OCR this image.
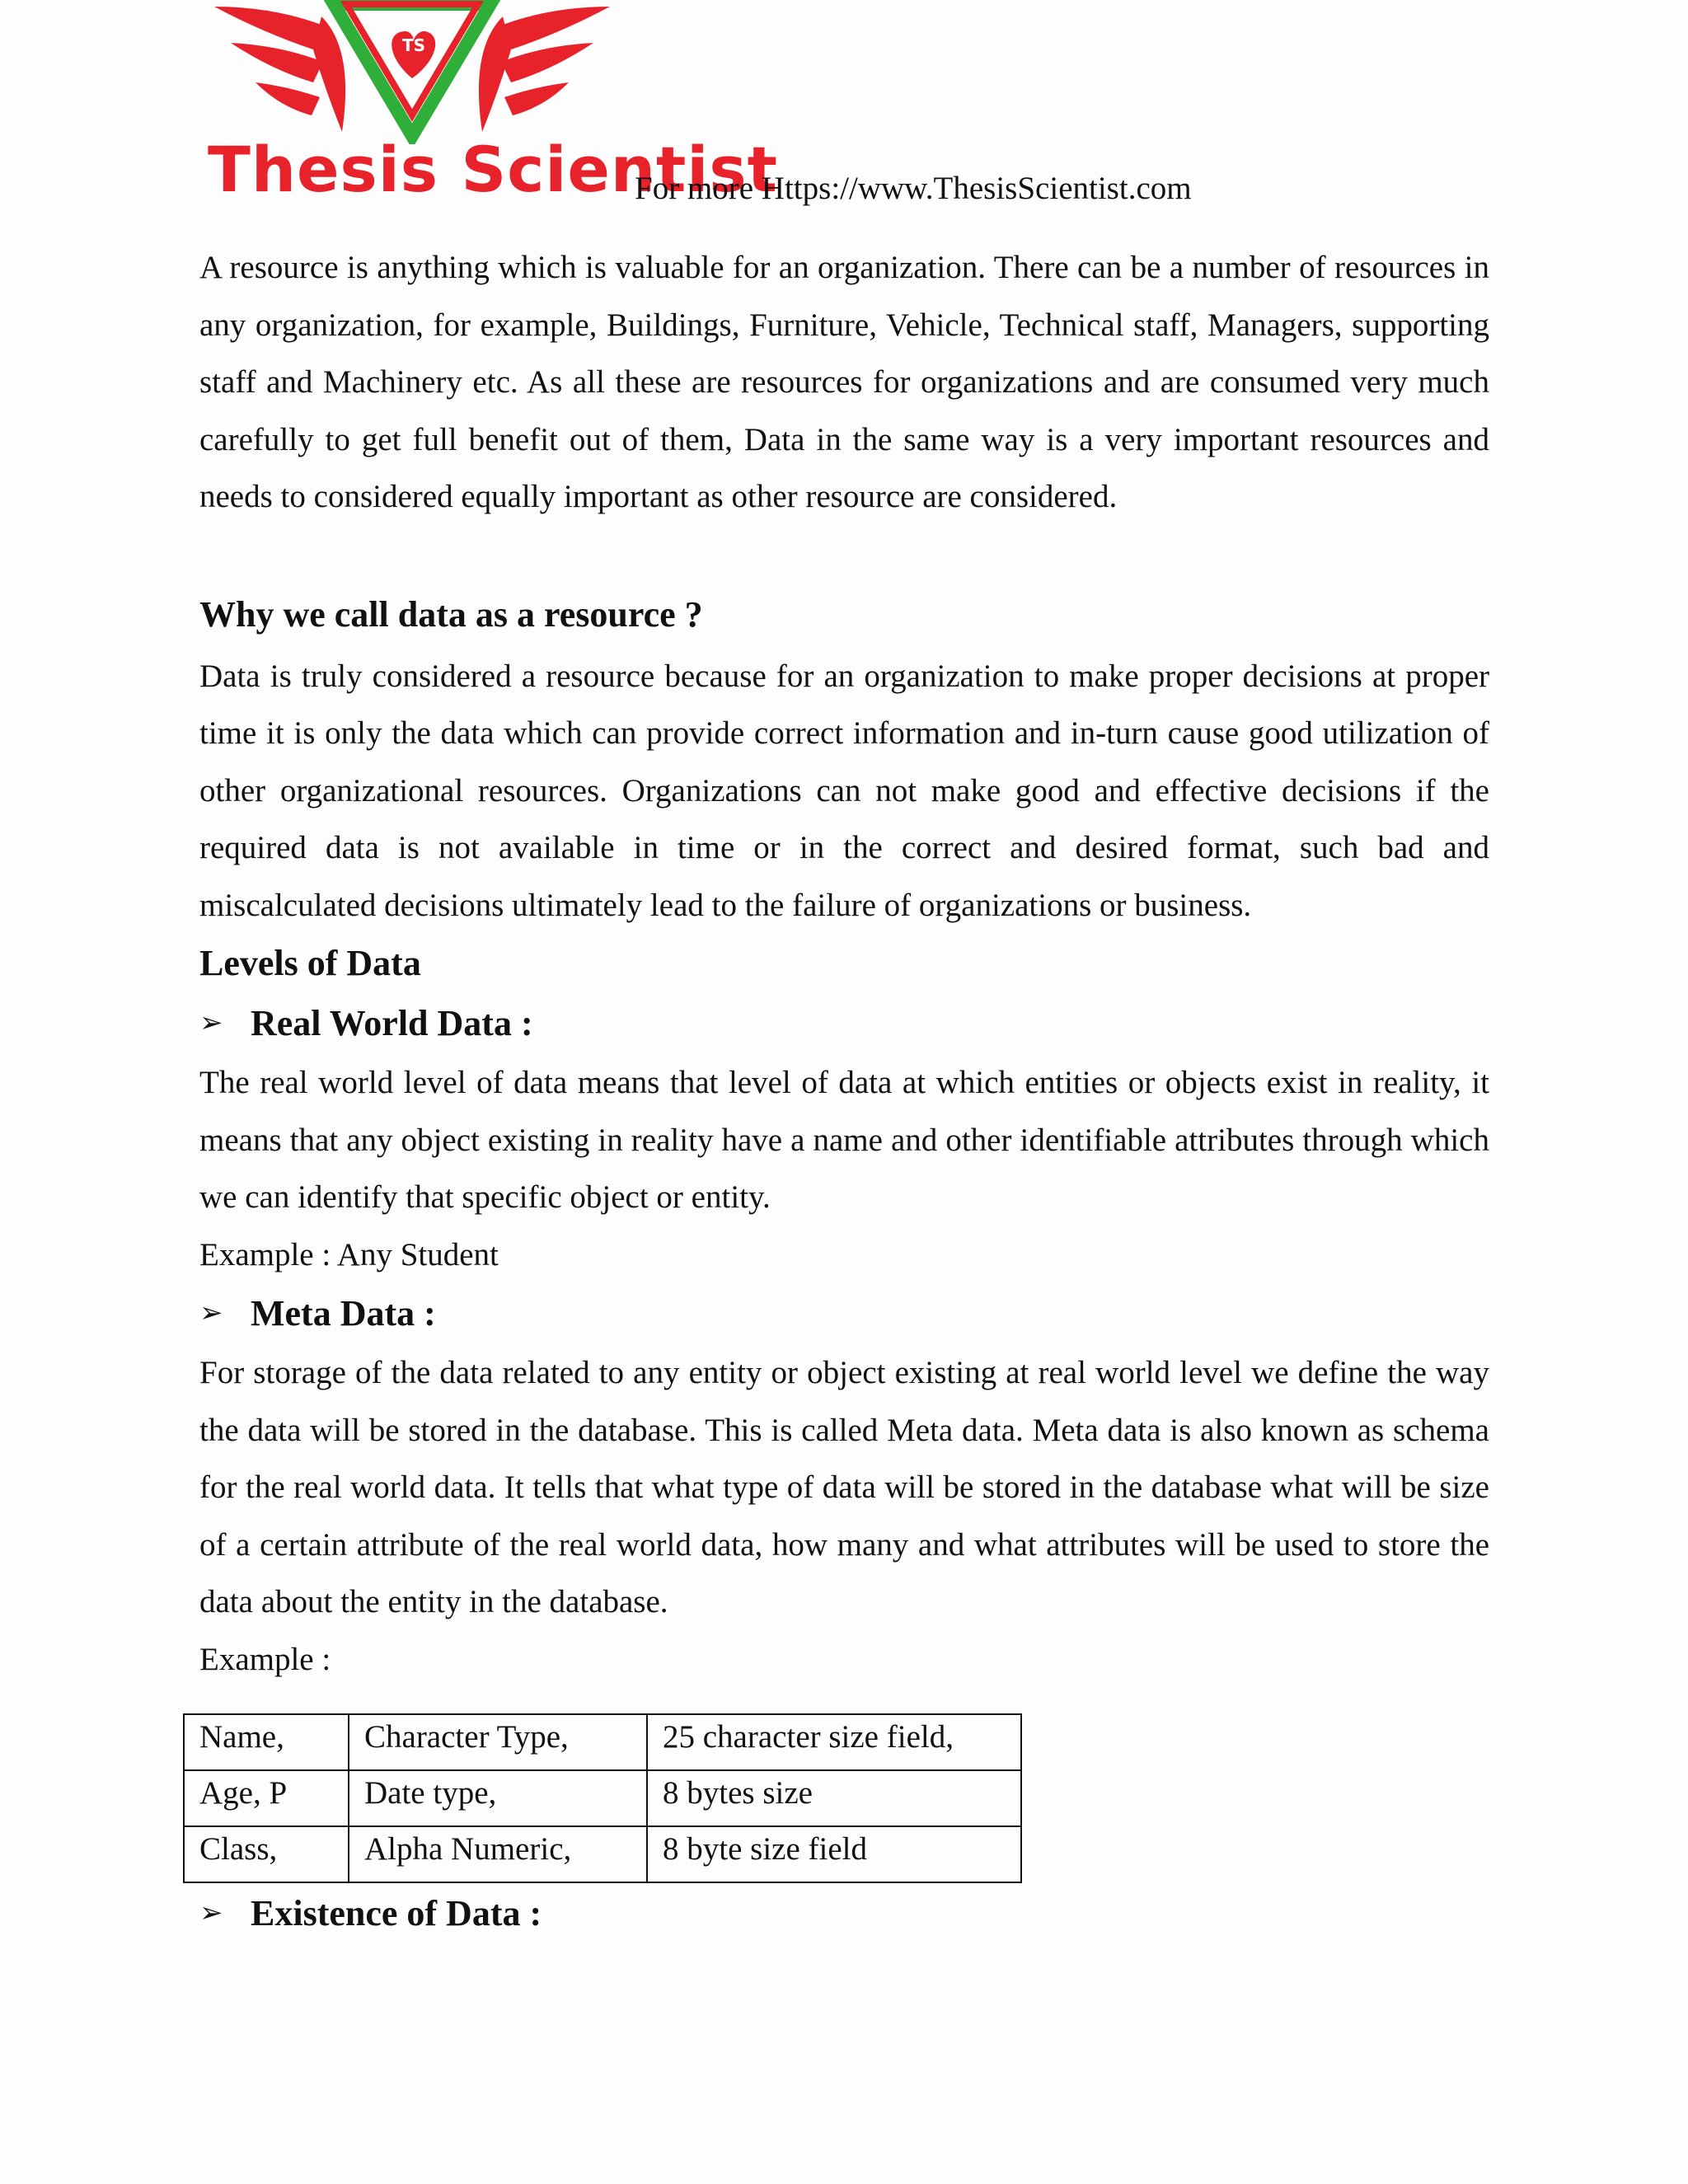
TS
Thesis Scientist
For more Https://www.ThesisScientist.com

A resource is anything which is valuable for an organization. There can be a number of resources in any organization, for example, Buildings, Furniture, Vehicle, Technical staff, Managers, supporting staff and Machinery etc. As all these are resources for organizations and are consumed very much carefully to get full benefit out of them, Data in the same way is a very important resources and needs to considered equally important as other resource are considered.

Why we call data as a resource ?

Data is truly considered a resource because for an organization to make proper decisions at proper time it is only the data which can provide correct information and in-turn cause good utilization of other organizational resources. Organizations can not make good and effective decisions if the required data is not available in time or in the correct and desired format, such bad and miscalculated decisions ultimately lead to the failure of organizations or business.

Levels of Data
➢ Real World Data :

The real world level of data means that level of data at which entities or objects exist in reality, it means that any object existing in reality have a name and other identifiable attributes through which we can identify that specific object or entity.

Example : Any Student

➢ Meta Data :

For storage of the data related to any entity or object existing at real world level we define the way the data will be stored in the database. This is called Meta data. Meta data is also known as schema for the real world data. It tells that what type of data will be stored in the database what will be size of a certain attribute of the real world data, how many and what attributes will be used to store the data about the entity in the database.

Example :

Name,	Character Type,	25 character size field,
Age, P	Date type,	8 bytes size
Class,	Alpha Numeric,	8 byte size field
➢ Existence of Data :
